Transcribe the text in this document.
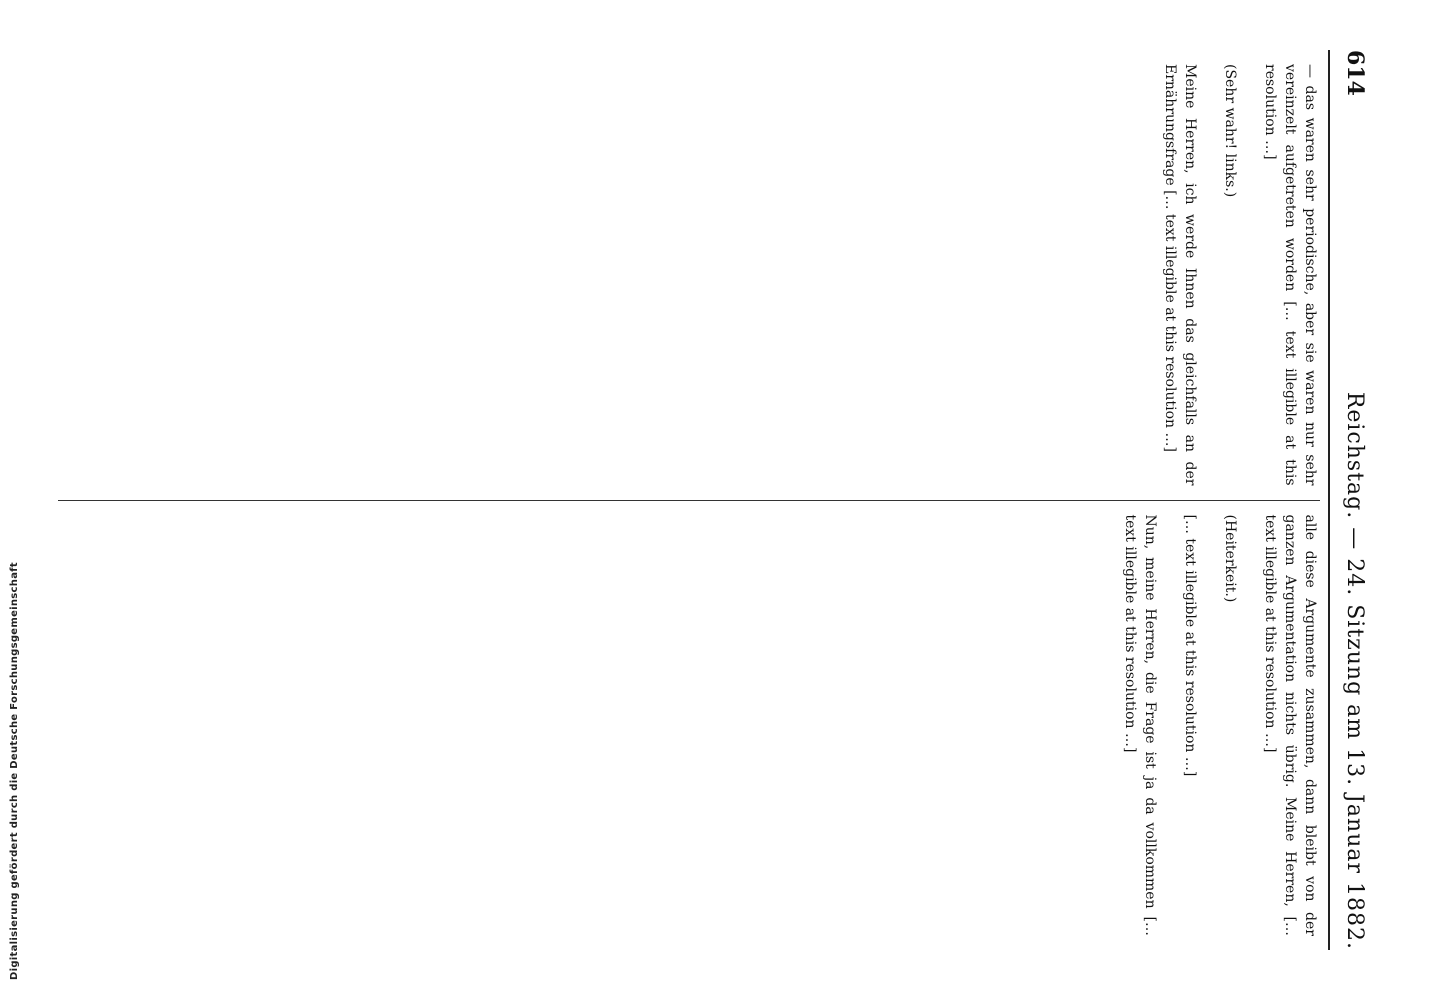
Digitalisierung gefördert durch die Deutsche Forschungsgemeinschaft
614
Reichstag. — 24. Sitzung am 13. Januar 1882.
— das waren sehr periodische, aber sie waren nur sehr vereinzelt aufgetreten worden [… text illegible at this resolution …]

(Sehr wahr! links.)

Meine Herren, ich werde Ihnen das gleichfalls an der Ernährungsfrage [… text illegible at this resolution …]
alle diese Argumente zusammen, dann bleibt von der ganzen Argumentation nichts übrig. Meine Herren, [… text illegible at this resolution …]

(Heiterkeit.)

[… text illegible at this resolution …]

Nun, meine Herren, die Frage ist ja da vollkommen [… text illegible at this resolution …]
